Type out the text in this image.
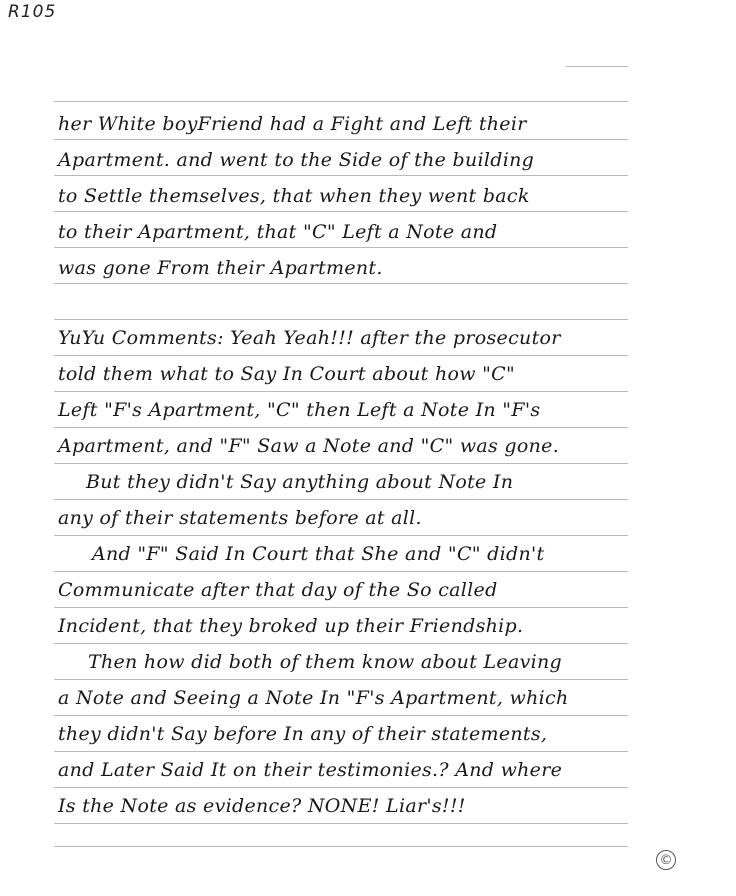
R105
her White boyFriend had a Fight and Left their
Apartment. and went to the Side of the building
to Settle themselves, that when they went back
to their Apartment, that "C" Left a Note and
was gone From their Apartment.
YuYu Comments: Yeah Yeah!!! after the prosecutor
told them what to Say In Court about how "C"
Left "F's Apartment, "C" then Left a Note In "F's
Apartment, and "F" Saw a Note and "C" was gone.
But they didn't Say anything about Note In
any of their statements before at all.
And "F" Said In Court that She and "C" didn't
Communicate after that day of the So called
Incident, that they broked up their Friendship.
Then how did both of them know about Leaving
a Note and Seeing a Note In "F's Apartment, which
they didn't Say before In any of their statements,
and Later Said It on their testimonies.? And where
Is the Note as evidence? NONE! Liar's!!!
©
